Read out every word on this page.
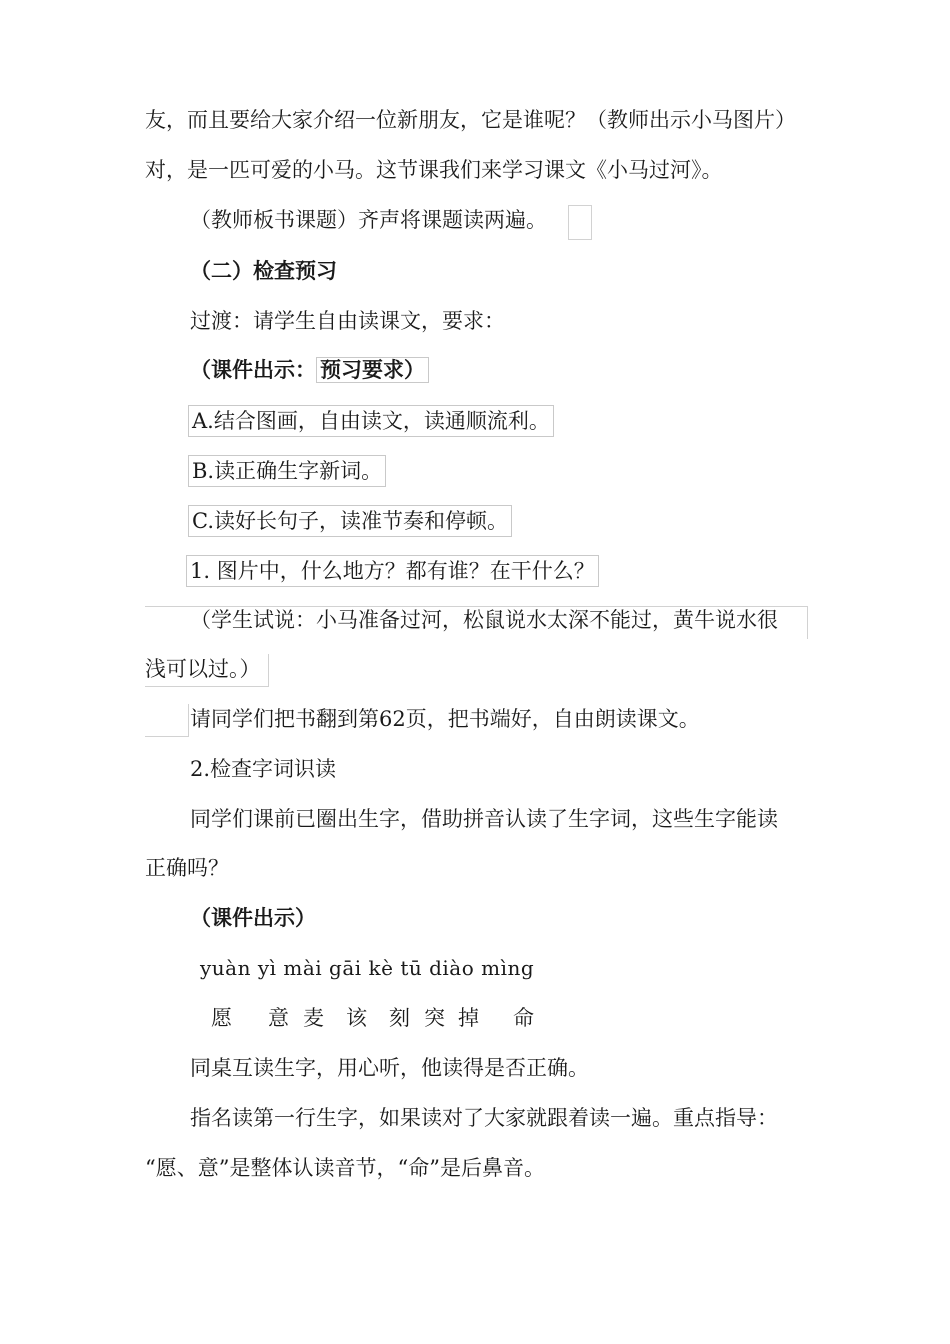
友，而且要给大家介绍一位新朋友，它是谁呢？（教师出示小马图片）
对，是一匹可爱的小马。这节课我们来学习课文《小马过河》。
（教师板书课题）齐声将课题读两遍。
（二）检查预习
过渡：请学生自由读课文，要求：
（课件出示： 预习要求）
A.结合图画，自由读文，读通顺流利。
B.读正确生字新词。
C.读好长句子，读准节奏和停顿。
1. 图片中，什么地方？都有谁？在干什么？
（学生试说：小马准备过河，松鼠说水太深不能过，黄牛说水很
浅可以过。）
请同学们把书翻到第62页，把书端好，自由朗读课文。
2.检查字词识读
同学们课前已圈出生字，借助拼音认读了生字词，这些生字能读
正确吗？
（课件出示）
yuàn yì mài gāi kè tū diào mìng
愿 意 麦 该 刻 突 掉 命
同桌互读生字，用心听，他读得是否正确。
指名读第一行生字，如果读对了大家就跟着读一遍。重点指导：
“愿、意”是整体认读音节，“命”是后鼻音。
